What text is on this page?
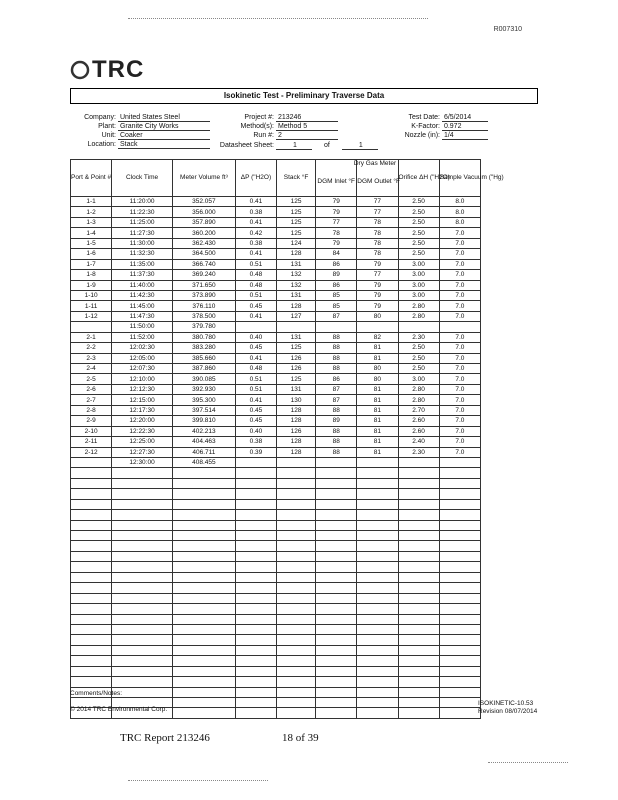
R007310
TRC
Isokinetic Test - Preliminary Traverse Data
Company: United States Steel
Plant: Granite City Works
Unit: Coaker
Location: Stack
Project #: 213246
Method(s): Method 5
Run #: 2
Datasheet Sheet:	1	of	1
Test Date: 6/5/2014
K-Factor: 0.972
Nozzle (in): 1/4
Port & Point #	Clock Time	Meter Volume ft³	ΔP ("H2O)	Stack °F	DGM Inlet °F	DGM Outlet °F	Orifice ΔH ("H2O)	Sample Vacuum ("Hg)
1-1	11:20:00	352.057	0.41	125	79	77	2.50	8.0
1-2	11:22:30	356.000	0.38	125	79	77	2.50	8.0
1-3	11:25:00	357.890	0.41	125	77	78	2.50	8.0
1-4	11:27:30	360.200	0.42	125	78	78	2.50	7.0
1-5	11:30:00	362.430	0.38	124	79	78	2.50	7.0
1-6	11:32:30	364.500	0.41	128	84	78	2.50	7.0
1-7	11:35:00	366.740	0.51	131	86	79	3.00	7.0
1-8	11:37:30	369.240	0.48	132	89	77	3.00	7.0
1-9	11:40:00	371.650	0.48	132	86	79	3.00	7.0
1-10	11:42:30	373.890	0.51	131	85	79	3.00	7.0
1-11	11:45:00	376.110	0.45	128	85	79	2.80	7.0
1-12	11:47:30	378.500	0.41	127	87	80	2.80	7.0
	11:50:00	379.780						
2-1	11:52:00	380.780	0.40	131	88	82	2.30	7.0
2-2	12:02:30	383.280	0.45	125	88	81	2.50	7.0
2-3	12:05:00	385.660	0.41	126	88	81	2.50	7.0
2-4	12:07:30	387.860	0.48	126	88	80	2.50	7.0
2-5	12:10:00	390.085	0.51	125	86	80	3.00	7.0
2-6	12:12:30	392.930	0.51	131	87	81	2.80	7.0
2-7	12:15:00	395.300	0.41	130	87	81	2.80	7.0
2-8	12:17:30	397.514	0.45	128	88	81	2.70	7.0
2-9	12:20:00	399.810	0.45	128	89	81	2.60	7.0
2-10	12:22:30	402.213	0.40	126	88	81	2.60	7.0
2-11	12:25:00	404.463	0.38	128	88	81	2.40	7.0
2-12	12:27:30	406.711	0.39	128	88	81	2.30	7.0
	12:30:00	408.455						

Dry Gas Meter
Comments/Notes:
© 2014 TRC Environmental Corp.
ISOKINETIC-10.53
Revision 08/07/2014
TRC Report 213246	18 of 39
